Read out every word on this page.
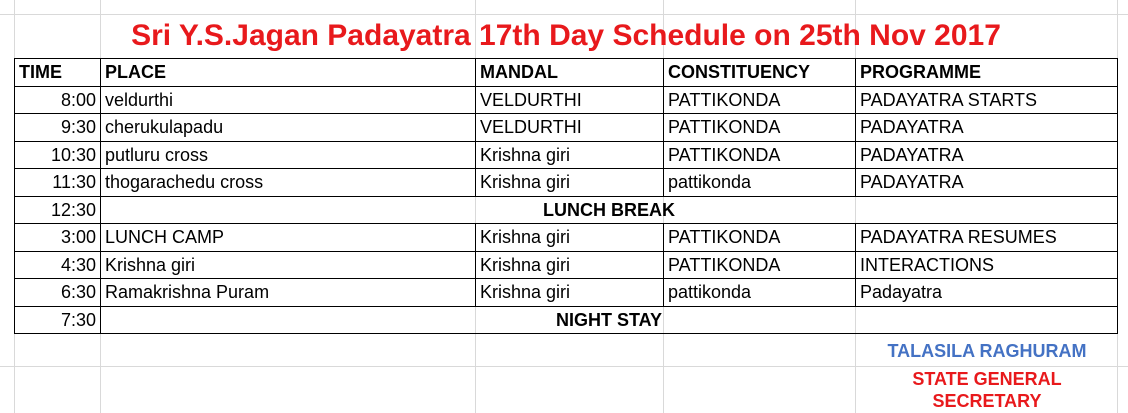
Sri Y.S.Jagan Padayatra 17th Day Schedule on 25th Nov 2017
TIME	PLACE	MANDAL	CONSTITUENCY	PROGRAMME
8:00	veldurthi	VELDURTHI	PATTIKONDA	PADAYATRA STARTS
9:30	cherukulapadu	VELDURTHI	PATTIKONDA	PADAYATRA
10:30	putluru cross	Krishna giri	PATTIKONDA	PADAYATRA
11:30	thogarachedu cross	Krishna giri	pattikonda	PADAYATRA
12:30	LUNCH BREAK			
3:00	LUNCH CAMP	Krishna giri	PATTIKONDA	PADAYATRA RESUMES
4:30	Krishna giri	Krishna giri	PATTIKONDA	INTERACTIONS
6:30	Ramakrishna Puram	Krishna giri	pattikonda	Padayatra
7:30	NIGHT STAY			
TALASILA RAGHURAM
STATE GENERAL SECRETARY
